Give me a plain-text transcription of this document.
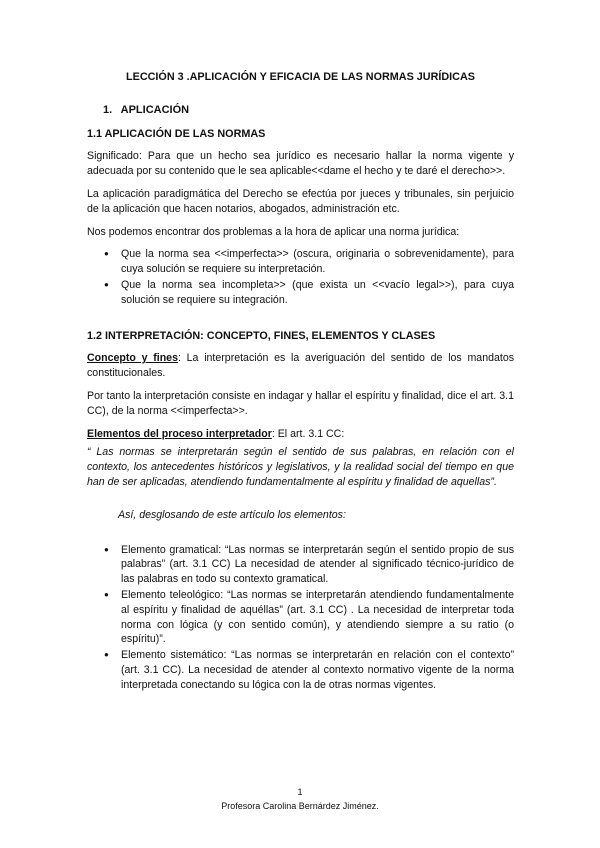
LECCIÓN 3 .APLICACIÓN Y EFICACIA DE LAS NORMAS JURÍDICAS
1. APLICACIÓN
1.1 APLICACIÓN DE LAS NORMAS

Significado: Para que un hecho sea jurídico es necesario hallar la norma vigente y adecuada por su contenido que le sea aplicable<<dame el hecho y te daré el derecho>>.

La aplicación paradigmática del Derecho se efectúa por jueces y tribunales, sin perjuicio de la aplicación que hacen notarios, abogados, administración etc.

Nos podemos encontrar dos problemas a la hora de aplicar una norma jurídica:

● Que la norma sea <<imperfecta>> (oscura, originaria o sobrevenidamente), para cuya solución se requiere su interpretación.
● Que la norma sea incompleta>> (que exista un <<vacío legal>>), para cuya solución se requiere su integración.
1.2 INTERPRETACIÓN: CONCEPTO, FINES, ELEMENTOS Y CLASES

Concepto y fines: La interpretación es la averiguación del sentido de los mandatos constitucionales.

Por tanto la interpretación consiste en indagar y hallar el espíritu y finalidad, dice el art. 3.1 CC), de la norma <<imperfecta>>.

Elementos del proceso interpretador: El art. 3.1 CC:

“ Las normas se interpretarán según el sentido de sus palabras, en relación con el contexto, los antecedentes históricos y legislativos, y la realidad social del tiempo en que han de ser aplicadas, atendiendo fundamentalmente al espíritu y finalidad de aquellas”.

Así, desglosando de este artículo los elementos:

● Elemento gramatical: “Las normas se interpretarán según el sentido propio de sus palabras” (art. 3.1 CC) La necesidad de atender al significado técnico-jurídico de las palabras en todo su contexto gramatical.
● Elemento teleológico: “Las normas se interpretarán atendiendo fundamentalmente al espíritu y finalidad de aquéllas” (art. 3.1 CC) . La necesidad de interpretar toda norma con lógica (y con sentido común), y atendiendo siempre a su ratio (o espíritu)”.
● Elemento sistemático: “Las normas se interpretarán en relación con el contexto” (art. 3.1 CC). La necesidad de atender al contexto normativo vigente de la norma interpretada conectando su lógica con la de otras normas vigentes.
1
Profesora Carolina Bernárdez Jiménez.
